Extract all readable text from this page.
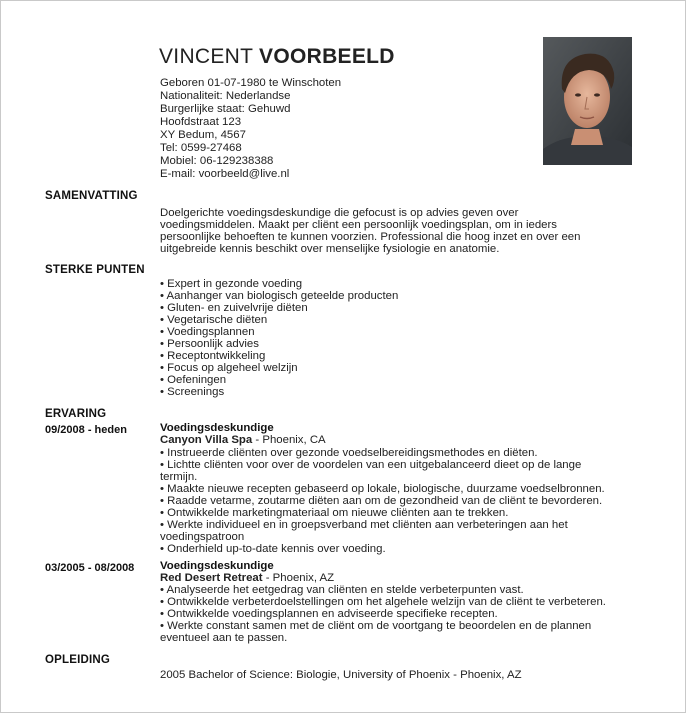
VINCENT VOORBEELD
Geboren 01-07-1980 te Winschoten
Nationaliteit: Nederlandse
Burgerlijke staat: Gehuwd
Hoofdstraat 123
XY Bedum, 4567
Tel: 0599-27468
Mobiel: 06-129238388
E-mail: voorbeeld@live.nl
SAMENVATTING
Doelgerichte voedingsdeskundige die gefocust is op advies geven over
voedingsmiddelen. Maakt per cliënt een persoonlijk voedingsplan, om in ieders
persoonlijke behoeften te kunnen voorzien. Professional die hoog inzet en over een
uitgebreide kennis beschikt over menselijke fysiologie en anatomie.
STERKE PUNTEN
• Expert in gezonde voeding
• Aanhanger van biologisch geteelde producten
• Gluten- en zuivelvrije diëten
• Vegetarische diëten
• Voedingsplannen
• Persoonlijk advies
• Receptontwikkeling
• Focus op algeheel welzijn
• Oefeningen
• Screenings
ERVARING
09/2008 - heden	Voedingsdeskundige
Canyon Villa Spa - Phoenix, CA
• Instrueerde cliënten over gezonde voedselbereidingsmethodes en diëten.
• Lichtte cliënten voor over de voordelen van een uitgebalanceerd dieet op de lange
termijn.
• Maakte nieuwe recepten gebaseerd op lokale, biologische, duurzame voedselbronnen.
• Raadde vetarme, zoutarme diëten aan om de gezondheid van de cliënt te bevorderen.
• Ontwikkelde marketingmateriaal om nieuwe cliënten aan te trekken.
• Werkte individueel en in groepsverband met cliënten aan verbeteringen aan het
voedingspatroon
• Onderhield up-to-date kennis over voeding.
03/2005 - 08/2008 Voedingsdeskundige
Red Desert Retreat - Phoenix, AZ
• Analyseerde het eetgedrag van cliënten en stelde verbeterpunten vast.
• Ontwikkelde verbeterdoelstellingen om het algehele welzijn van de cliënt te verbeteren.
• Ontwikkelde voedingsplannen en adviseerde specifieke recepten.
• Werkte constant samen met de cliënt om de voortgang te beoordelen en de plannen
eventueel aan te passen.
OPLEIDING
2005 Bachelor of Science: Biologie, University of Phoenix - Phoenix, AZ
